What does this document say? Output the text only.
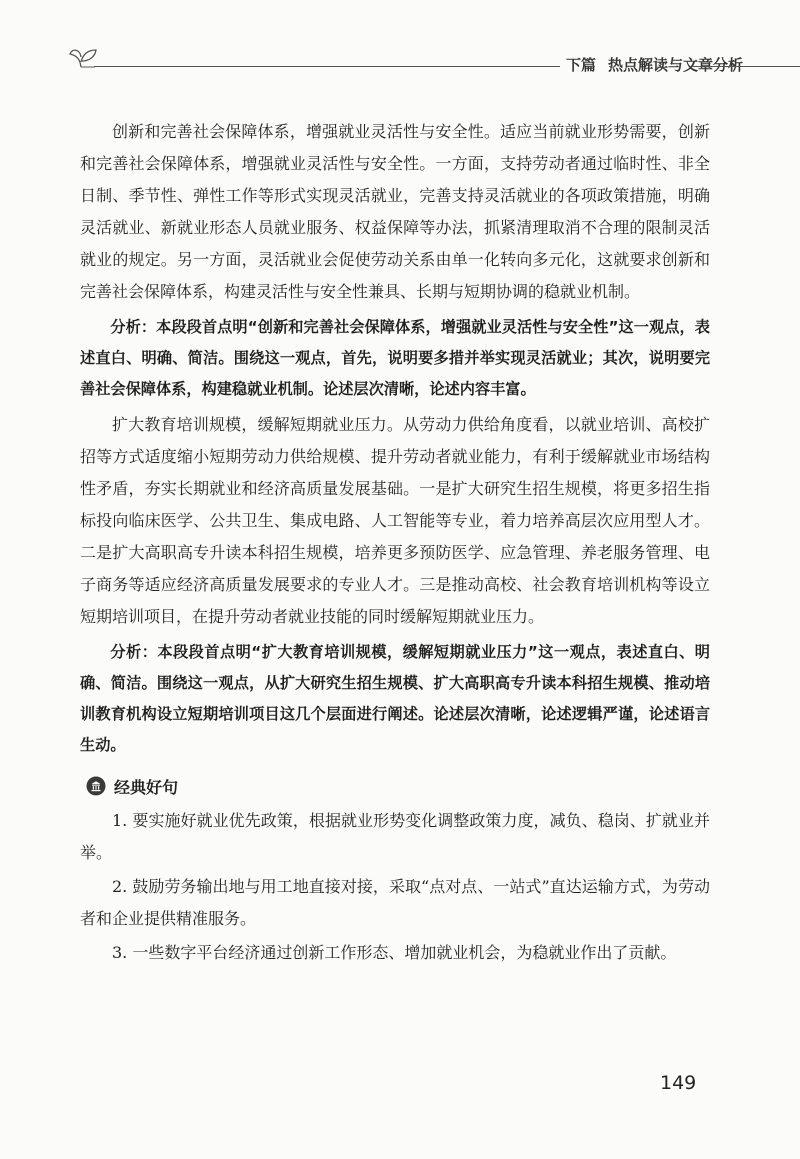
下篇 热点解读与文章分析

创新和完善社会保障体系，增强就业灵活性与安全性。适应当前就业形势需要，创新和完善社会保障体系，增强就业灵活性与安全性。一方面，支持劳动者通过临时性、非全日制、季节性、弹性工作等形式实现灵活就业，完善支持灵活就业的各项政策措施，明确灵活就业、新就业形态人员就业服务、权益保障等办法，抓紧清理取消不合理的限制灵活就业的规定。另一方面，灵活就业会促使劳动关系由单一化转向多元化，这就要求创新和完善社会保障体系，构建灵活性与安全性兼具、长期与短期协调的稳就业机制。

分析：本段段首点明“创新和完善社会保障体系，增强就业灵活性与安全性”这一观点，表述直白、明确、简洁。围绕这一观点，首先，说明要多措并举实现灵活就业；其次，说明要完善社会保障体系，构建稳就业机制。论述层次清晰，论述内容丰富。

扩大教育培训规模，缓解短期就业压力。从劳动力供给角度看，以就业培训、高校扩招等方式适度缩小短期劳动力供给规模、提升劳动者就业能力，有利于缓解就业市场结构性矛盾，夯实长期就业和经济高质量发展基础。一是扩大研究生招生规模，将更多招生指标投向临床医学、公共卫生、集成电路、人工智能等专业，着力培养高层次应用型人才。二是扩大高职高专升读本科招生规模，培养更多预防医学、应急管理、养老服务管理、电子商务等适应经济高质量发展要求的专业人才。三是推动高校、社会教育培训机构等设立短期培训项目，在提升劳动者就业技能的同时缓解短期就业压力。

分析：本段段首点明“扩大教育培训规模，缓解短期就业压力”这一观点，表述直白、明确、简洁。围绕这一观点，从扩大研究生招生规模、扩大高职高专升读本科招生规模、推动培训教育机构设立短期培训项目这几个层面进行阐述。论述层次清晰，论述逻辑严谨，论述语言生动。

经典好句

1. 要实施好就业优先政策，根据就业形势变化调整政策力度，减负、稳岗、扩就业并举。

2. 鼓励劳务输出地与用工地直接对接，采取“点对点、一站式”直达运输方式，为劳动者和企业提供精准服务。

3. 一些数字平台经济通过创新工作形态、增加就业机会，为稳就业作出了贡献。

149
